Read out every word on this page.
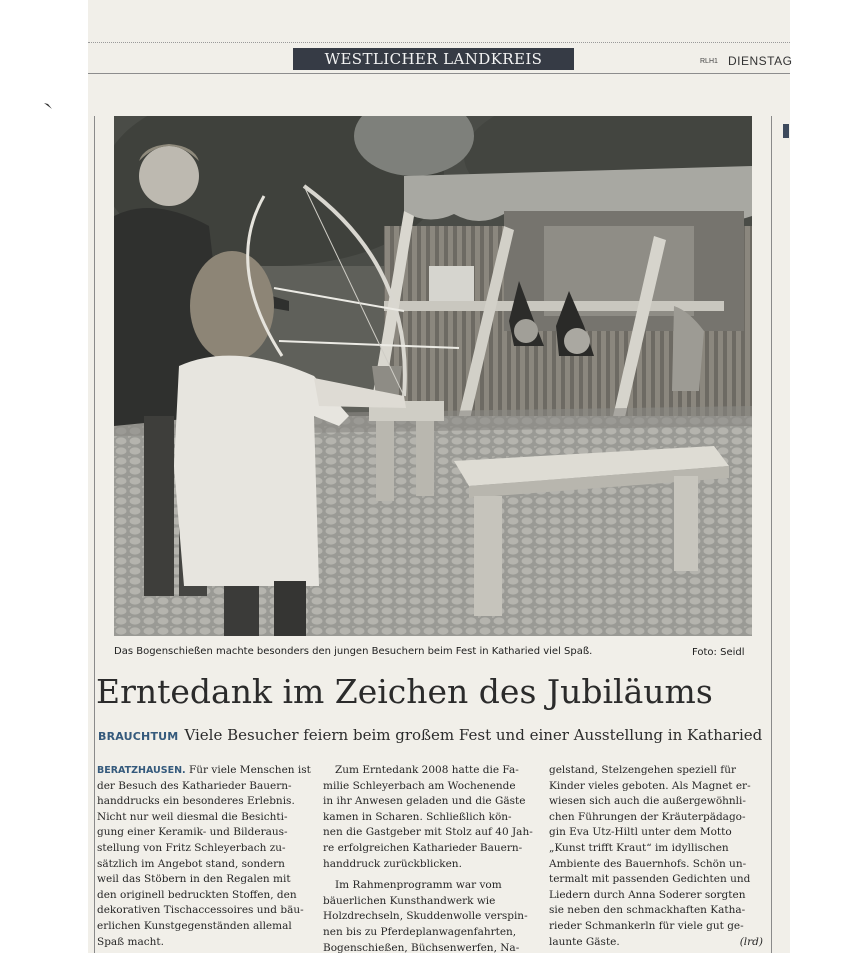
WESTLICHER LANDKREIS	RLH1 DIENSTAG
Das Bogenschießen machte besonders den jungen Besuchern beim Fest in Katharied viel Spaß.	Foto: Seidl
Erntedank im Zeichen des Jubiläums
BRAUCHTUM Viele Besucher feiern beim großem Fest und einer Ausstellung in Katharied
BERATZHAUSEN. Für viele Menschen ist
der Besuch des Katharieder Bauern-
handdrucks ein besonderes Erlebnis.
Nicht nur weil diesmal die Besichti-
gung einer Keramik- und Bilderaus-
stellung von Fritz Schleyerbach zu-
sätzlich im Angebot stand, sondern
weil das Stöbern in den Regalen mit
den originell bedruckten Stoffen, den
dekorativen Tischaccessoires und bäu-
erlichen Kunstgegenständen allemal
Spaß macht.
Zum Erntedank 2008 hatte die Fa-
milie Schleyerbach am Wochenende
in ihr Anwesen geladen und die Gäste
kamen in Scharen. Schließlich kön-
nen die Gastgeber mit Stolz auf 40 Jah-
re erfolgreichen Katharieder Bauern-
handdruck zurückblicken.
Im Rahmenprogramm war vom
bäuerlichen Kunsthandwerk wie
Holzdrechseln, Skuddenwolle verspin-
nen bis zu Pferdeplanwagenfahrten,
Bogenschießen, Büchsenwerfen, Na-
gelstand, Stelzengehen speziell für
Kinder vieles geboten. Als Magnet er-
wiesen sich auch die außergewöhnli-
chen Führungen der Kräuterpädago-
gin Eva Utz-Hiltl unter dem Motto
„Kunst trifft Kraut“ im idyllischen
Ambiente des Bauernhofs. Schön un-
termalt mit passenden Gedichten und
Liedern durch Anna Soderer sorgten
sie neben den schmackhaften Katha-
rieder Schmankerln für viele gut ge-
launte Gäste.	(lrd)
